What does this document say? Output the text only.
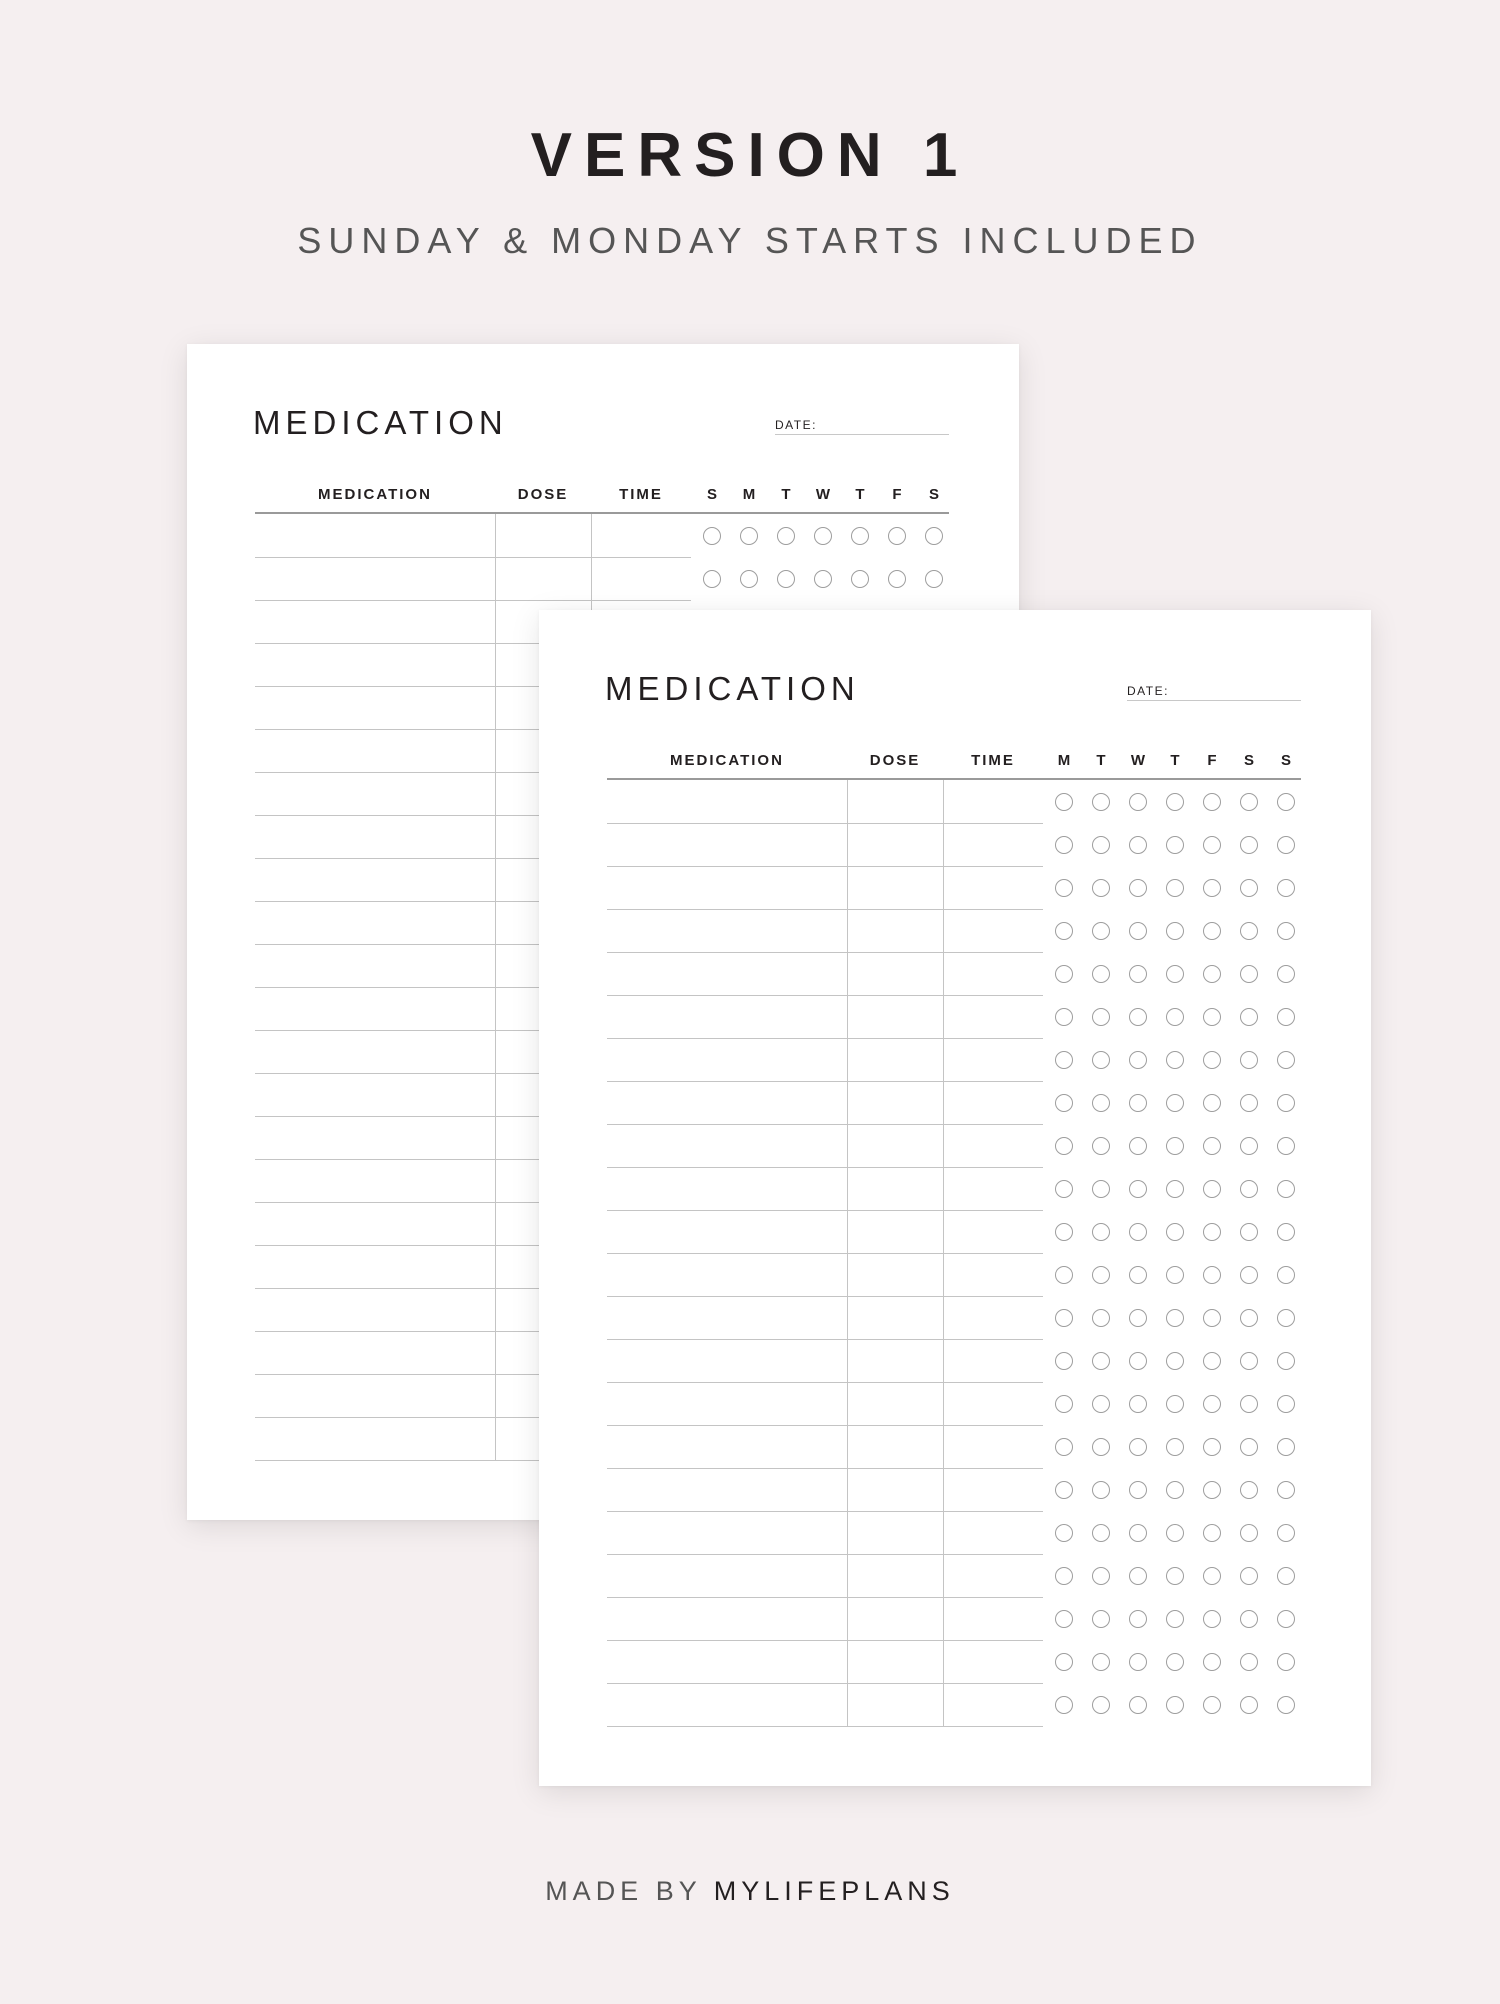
VERSION 1
SUNDAY & MONDAY STARTS INCLUDED
MEDICATION	DATE:
MEDICATION	DOSE	TIME	S	M	T	W	T	F	S
MEDICATION	DATE:
MEDICATION	DOSE	TIME	M	T	W	T	F	S	S
MADE BY MYLIFEPLANS
